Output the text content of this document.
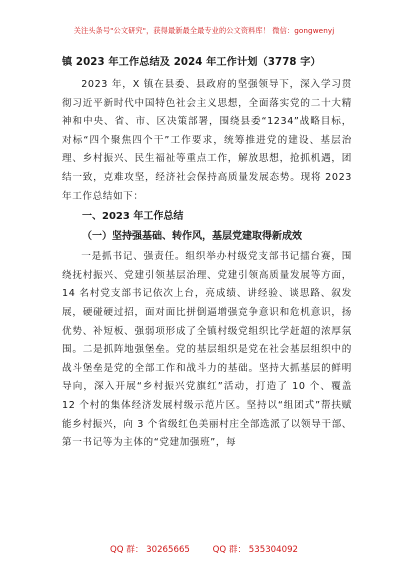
关注头条号"公文研究"，获得最新最全最专业的公文资料库！ 微信：gongwenyj
镇 2023 年工作总结及 2024 年工作计划（3778 字）

2023 年，X 镇在县委、县政府的坚强领导下，深入学习贯彻习近平新时代中国特色社会主义思想，全面落实党的二十大精神和中央、省、市、区决策部署，围绕县委“1234”战略目标，对标“四个聚焦四个干”工作要求，统筹推进党的建设、基层治理、乡村振兴、民生福祉等重点工作，解放思想，抢抓机遇，团结一致，克难攻坚，经济社会保持高质量发展态势。现将 2023 年工作总结如下：

一、2023 年工作总结
（一）坚持强基础、转作风，基层党建取得新成效

一是抓书记、强责任。组织举办村级党支部书记擂台赛，围绕抚村振兴、党建引领基层治理、党建引领高质量发展等方面，14 名村党支部书记依次上台，亮成绩、讲经验、谈思路、叙发展，硬碰硬过招，面对面比拼倒逼增强竞争意识和危机意识，扬优势、补短板、强弱项形成了全镇村级党组织比学赶超的浓厚氛围。二是抓阵地强堡垒。党的基层组织是党在社会基层组织中的战斗堡垒是党的全部工作和战斗力的基础。坚持大抓基层的鲜明导向，深入开展“乡村振兴党旗红”活动，打造了 10 个、覆盖 12 个村的集体经济发展村级示范片区。坚持以“组团式”帮扶赋能乡村振兴，向 3 个省级红色美丽村庄全部选派了以领导干部、第一书记等为主体的“党建加强班”，每

QQ 群： 30265665	QQ 群： 535304092
